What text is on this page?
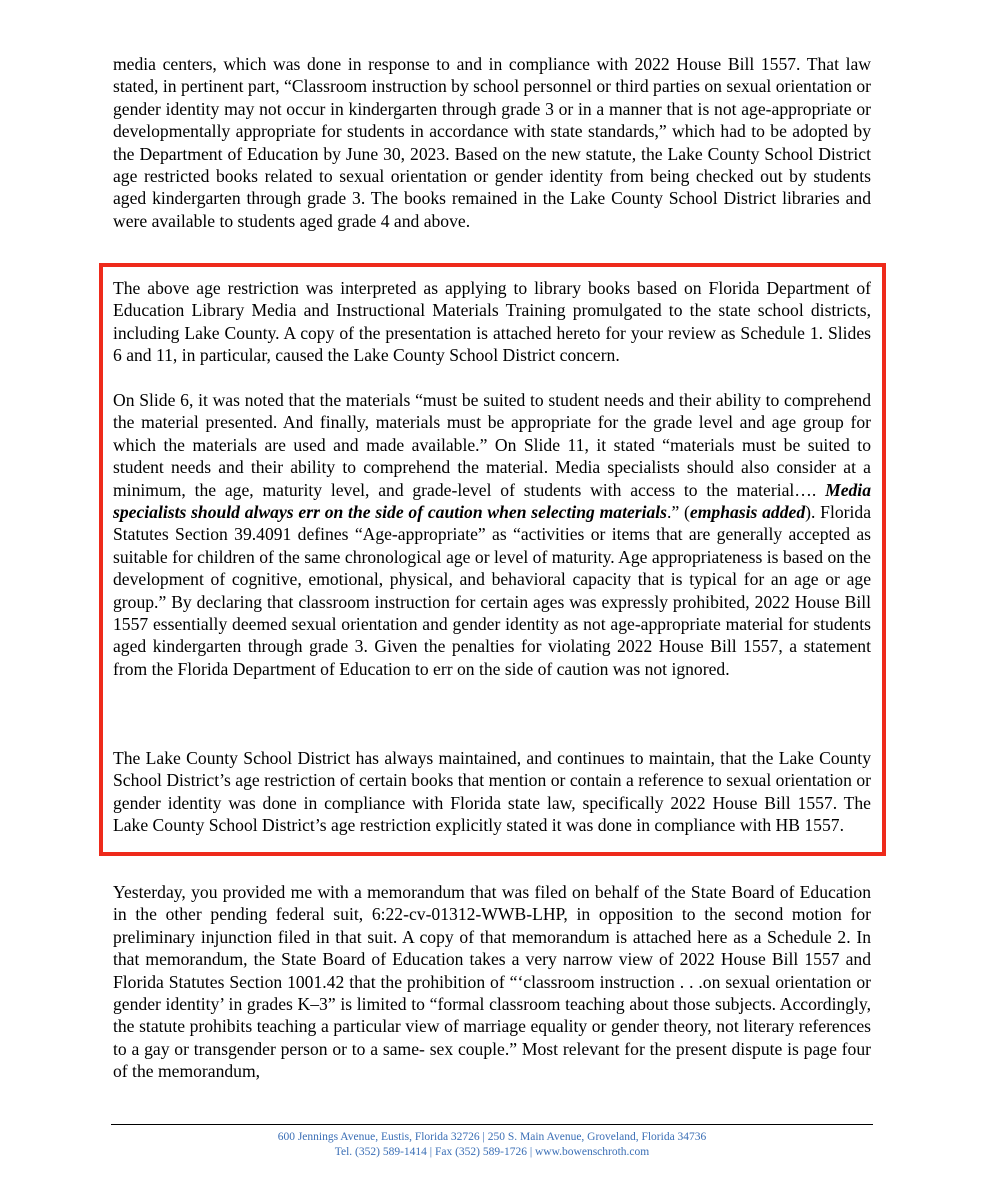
media centers, which was done in response to and in compliance with 2022 House Bill 1557. That law stated, in pertinent part, “Classroom instruction by school personnel or third parties on sexual orientation or gender identity may not occur in kindergarten through grade 3 or in a manner that is not age-appropriate or developmentally appropriate for students in accordance with state standards,” which had to be adopted by the Department of Education by June 30, 2023. Based on the new statute, the Lake County School District age restricted books related to sexual orientation or gender identity from being checked out by students aged kindergarten through grade 3. The books remained in the Lake County School District libraries and were available to students aged grade 4 and above.

The above age restriction was interpreted as applying to library books based on Florida Department of Education Library Media and Instructional Materials Training promulgated to the state school districts, including Lake County. A copy of the presentation is attached hereto for your review as Schedule 1. Slides 6 and 11, in particular, caused the Lake County School District concern.

On Slide 6, it was noted that the materials “must be suited to student needs and their ability to comprehend the material presented. And finally, materials must be appropriate for the grade level and age group for which the materials are used and made available.” On Slide 11, it stated “materials must be suited to student needs and their ability to comprehend the material. Media specialists should also consider at a minimum, the age, maturity level, and grade-level of students with access to the material…. Media specialists should always err on the side of caution when selecting materials.” (emphasis added). Florida Statutes Section 39.4091 defines “Age-appropriate” as “activities or items that are generally accepted as suitable for children of the same chronological age or level of maturity. Age appropriateness is based on the development of cognitive, emotional, physical, and behavioral capacity that is typical for an age or age group.” By declaring that classroom instruction for certain ages was expressly prohibited, 2022 House Bill 1557 essentially deemed sexual orientation and gender identity as not age-appropriate material for students aged kindergarten through grade 3. Given the penalties for violating 2022 House Bill 1557, a statement from the Florida Department of Education to err on the side of caution was not ignored.

The Lake County School District has always maintained, and continues to maintain, that the Lake County School District’s age restriction of certain books that mention or contain a reference to sexual orientation or gender identity was done in compliance with Florida state law, specifically 2022 House Bill 1557. The Lake County School District’s age restriction explicitly stated it was done in compliance with HB 1557.

Yesterday, you provided me with a memorandum that was filed on behalf of the State Board of Education in the other pending federal suit, 6:22-cv-01312-WWB-LHP, in opposition to the second motion for preliminary injunction filed in that suit. A copy of that memorandum is attached here as a Schedule 2. In that memorandum, the State Board of Education takes a very narrow view of 2022 House Bill 1557 and Florida Statutes Section 1001.42 that the prohibition of “‘classroom instruction . . .on sexual orientation or gender identity’ in grades K–3” is limited to “formal classroom teaching about those subjects. Accordingly, the statute prohibits teaching a particular view of marriage equality or gender theory, not literary references to a gay or transgender person or to a same- sex couple.” Most relevant for the present dispute is page four of the memorandum,

600 Jennings Avenue, Eustis, Florida 32726 | 250 S. Main Avenue, Groveland, Florida 34736
Tel. (352) 589-1414 | Fax (352) 589-1726 | www.bowenschroth.com
